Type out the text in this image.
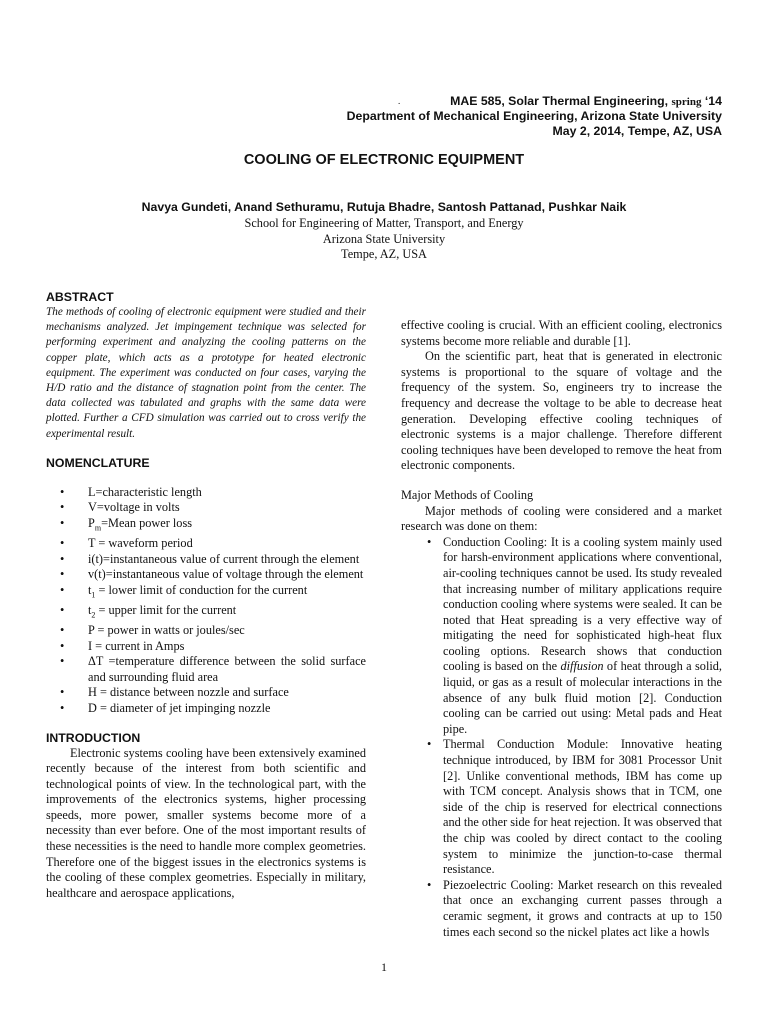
.	MAE 585, Solar Thermal Engineering, spring ‘14
Department of Mechanical Engineering, Arizona State University
May 2, 2014, Tempe, AZ, USA
COOLING OF ELECTRONIC EQUIPMENT
Navya Gundeti, Anand Sethuramu, Rutuja Bhadre, Santosh Pattanad, Pushkar Naik
School for Engineering of Matter, Transport, and Energy
Arizona State University
Tempe, AZ, USA
ABSTRACT

The methods of cooling of electronic equipment were studied and their mechanisms analyzed. Jet impingement technique was selected for performing experiment and analyzing the cooling patterns on the copper plate, which acts as a prototype for heated electronic equipment. The experiment was conducted on four cases, varying the H/D ratio and the distance of stagnation point from the center. The data collected was tabulated and graphs with the same data were plotted. Further a CFD simulation was carried out to cross verify the experimental result.

NOMENCLATURE
• L=characteristic length
• V=voltage in volts
• $P_m=Mean$ power loss
• T = waveform period
• i(t)=instantaneous value of current through the element
• v(t)=instantaneous value of voltage through the element
• $t_1$ = lower limit of conduction for the current
• $t_2$ = upper limit for the current
• P = power in watts or joules/sec
• I = current in Amps
• ΔT =temperature difference between the solid surface and surrounding fluid area
• H = distance between nozzle and surface
• D = diameter of jet impinging nozzle
INTRODUCTION

Electronic systems cooling have been extensively examined recently because of the interest from both scientific and technological points of view. In the technological part, with the improvements of the electronics systems, higher processing speeds, more power, smaller systems become more of a necessity than ever before. One of the most important results of these necessities is the need to handle more complex geometries. Therefore one of the biggest issues in the electronics systems is the cooling of these complex geometries. Especially in military, healthcare and aerospace applications,

effective cooling is crucial. With an efficient cooling, electronics systems become more reliable and durable [1].

On the scientific part, heat that is generated in electronic systems is proportional to the square of voltage and the frequency of the system. So, engineers try to increase the frequency and decrease the voltage to be able to decrease heat generation. Developing effective cooling techniques of electronic systems is a major challenge. Therefore different cooling techniques have been developed to remove the heat from electronic components.

Major Methods of Cooling

Major methods of cooling were considered and a market research was done on them:

• Conduction Cooling: It is a cooling system mainly used for harsh-environment applications where conventional, air-cooling techniques cannot be used. Its study revealed that increasing number of military applications require conduction cooling where systems were sealed. It can be noted that Heat spreading is a very effective way of mitigating the need for sophisticated high-heat flux cooling options. Research shows that conduction cooling is based on the diffusion of heat through a solid, liquid, or gas as a result of molecular interactions in the absence of any bulk fluid motion [2]. Conduction cooling can be carried out using: Metal pads and Heat pipe.
• Thermal Conduction Module: Innovative heating technique introduced, by IBM for 3081 Processor Unit [2]. Unlike conventional methods, IBM has come up with TCM concept. Analysis shows that in TCM, one side of the chip is reserved for electrical connections and the other side for heat rejection. It was observed that the chip was cooled by direct contact to the cooling system to minimize the junction-to-case thermal resistance.
• Piezoelectric Cooling: Market research on this revealed that once an exchanging current passes through a ceramic segment, it grows and contracts at up to 150 times each second so the nickel plates act like a howls
1
